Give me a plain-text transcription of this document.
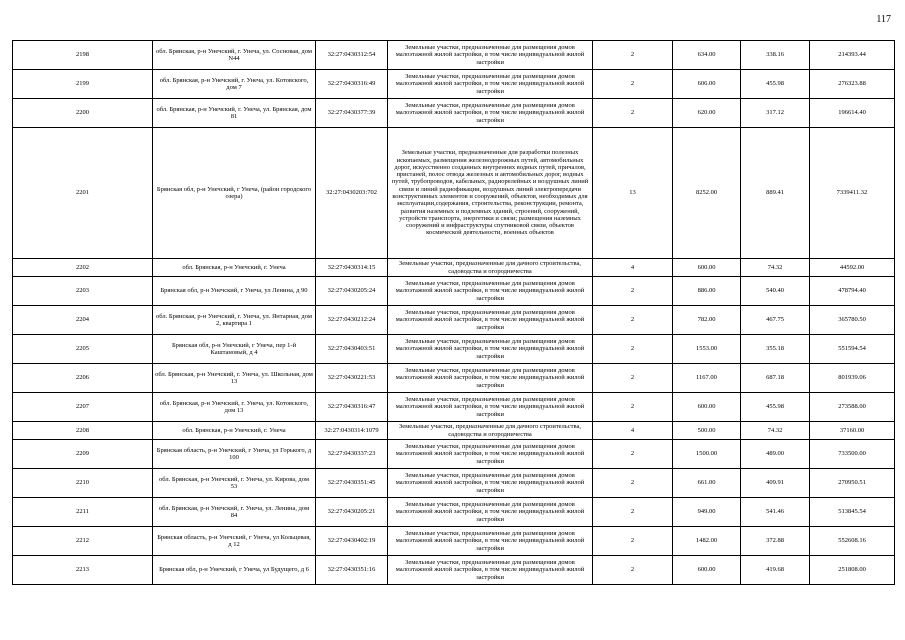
117
2198	обл. Брянская, р-н Унечский, г. Унеча, ул. Сосновая, дом N44	32:27:0430312:54	Земельные участки, предназначенные для размещения домов малоэтажной жилой застройки, в том числе индивидуальной жилой застройки	2	634.00	338.16	214393.44
2199	обл. Брянская, р-н Унечский, г. Унеча, ул. Котовского, дом 7	32:27:0430316:49	Земельные участки, предназначенные для размещения домов малоэтажной жилой застройки, в том числе индивидуальной жилой застройки	2	606.00	455.98	276323.88
2200	обл. Брянская, р-н Унечский, г. Унеча, ул. Брянская, дом 81	32:27:0430377:39	Земельные участки, предназначенные для размещения домов малоэтажной жилой застройки, в том числе индивидуальной жилой застройки	2	620.00	317.12	196614.40
2201	Брянская обл, р-н Унечский, г Унеча, (район городского озера)	32:27:0430203:702	Земельные участки, предназначенные для разработки полезных ископаемых, размещения железнодорожных путей, автомобильных дорог, искусственно созданных внутренних водных путей, причалов, пристаней, полос отвода железных и автомобильных дорог, водных путей, трубопроводов, кабельных, радиорелейных и воздушных линий связи и линий радиофикации, воздушных линий электропередачи конструктивных элементов и сооружений, объектов, необходимых для эксплуатации,содержания, строительства, реконструкции, ремонта, развития наземных и подземных зданий, строений, сооружений, устройств транспорта, энергетики и связи; размещения наземных сооружений и инфраструктуры спутниковой связи, объектов космической деятельности, военных объектов	13	8252.00	889.41	7339411.32
2202	обл. Брянская, р-н Унечский, г. Унеча	32:27:0430314:15	Земельные участки, предназначенные для дачного строительства, садоводства и огородничества	4	600.00	74.32	44592.00
2203	Брянская обл, р-н Унечский, г Унеча, ул Ленина, д 90	32:27:0430205:24	Земельные участки, предназначенные для размещения домов малоэтажной жилой застройки, в том числе индивидуальной жилой застройки	2	886.00	540.40	478794.40
2204	обл. Брянская, р-н Унечский, г. Унеча, ул. Янтарная, дом 2, квартира 1	32:27:0430212:24	Земельные участки, предназначенные для размещения домов малоэтажной жилой застройки, в том числе индивидуальной жилой застройки	2	782.00	467.75	365780.50
2205	Брянская обл, р-н Унечский, г Унеча, пер 1-й Каштановый, д 4	32:27:0430403:51	Земельные участки, предназначенные для размещения домов малоэтажной жилой застройки, в том числе индивидуальной жилой застройки	2	1553.00	355.18	551594.54
2206	обл. Брянская, р-н Унечский, г. Унеча, ул. Школьная, дом 13	32:27:0430221:53	Земельные участки, предназначенные для размещения домов малоэтажной жилой застройки, в том числе индивидуальной жилой застройки	2	1167.00	687.18	801939.06
2207	обл. Брянская, р-н Унечский, г. Унеча, ул. Котовского, дом 13	32:27:0430316:47	Земельные участки, предназначенные для размещения домов малоэтажной жилой застройки, в том числе индивидуальной жилой застройки	2	600.00	455.98	273588.00
2208	обл. Брянская, р-н Унечский, г. Унеча	32:27:0430314:1079	Земельные участки, предназначенные для дачного строительства, садоводства и огородничества	4	500.00	74.32	37160.00
2209	Брянская область, р-н Унечский, г Унеча, ул Горького, д 100	32:27:0430337:23	Земельные участки, предназначенные для размещения домов малоэтажной жилой застройки, в том числе индивидуальной жилой застройки	2	1500.00	489.00	733500.00
2210	обл. Брянская, р-н Унечский, г. Унеча, ул. Кирова, дом 53	32:27:0430351:45	Земельные участки, предназначенные для размещения домов малоэтажной жилой застройки, в том числе индивидуальной жилой застройки	2	661.00	409.91	270950.51
2211	обл. Брянская, р-н Унечский, г. Унеча, ул. Ленина, дом 84	32:27:0430205:21	Земельные участки, предназначенные для размещения домов малоэтажной жилой застройки, в том числе индивидуальной жилой застройки	2	949.00	541.46	513845.54
2212	Брянская область, р-н Унечский, г Унеча, ул Кольцевая, д 12	32:27:0430402:19	Земельные участки, предназначенные для размещения домов малоэтажной жилой застройки, в том числе индивидуальной жилой застройки	2	1482.00	372.88	552608.16
2213	Брянская обл, р-н Унечский, г Унеча, ул Будущего, д 6	32:27:0430351:16	Земельные участки, предназначенные для размещения домов малоэтажной жилой застройки, в том числе индивидуальной жилой застройки	2	600.00	419.68	251808.00
